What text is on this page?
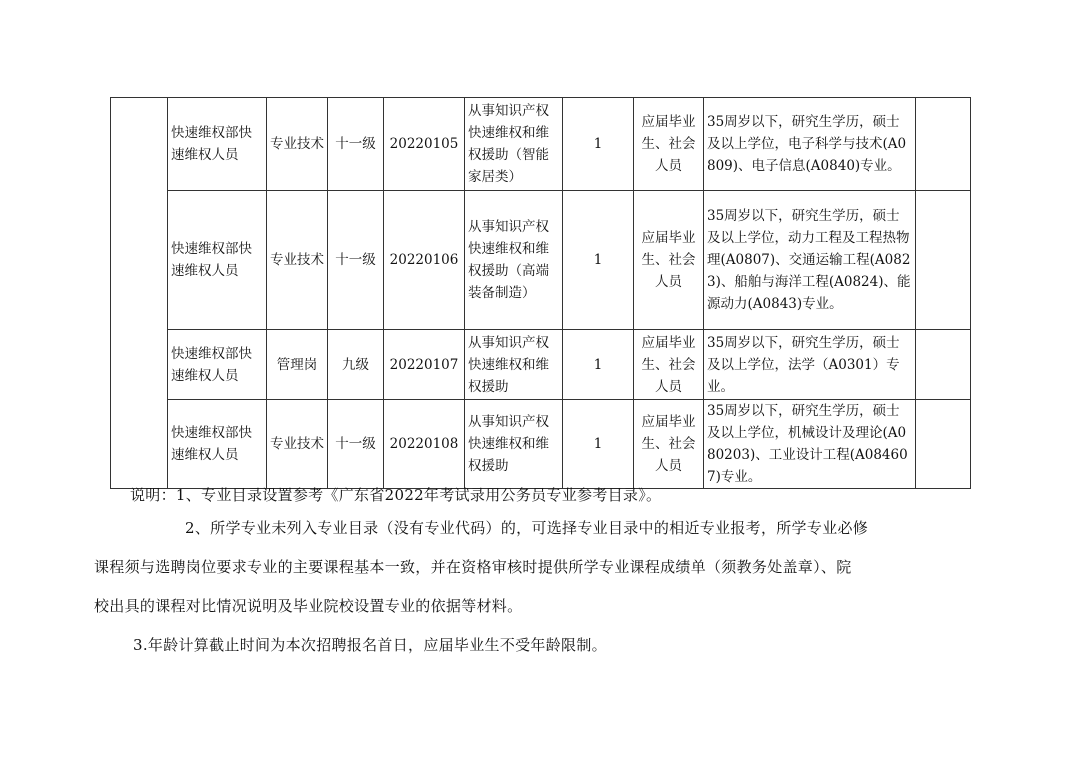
	快速维权部快速维权人员	专业技术	十一级	20220105	从事知识产权快速维权和维权援助（智能家居类）	1	应届毕业生、社会人员	35周岁以下，研究生学历，硕士及以上学位，电子科学与技术(A0809)、电子信息(A0840)专业。	
	快速维权部快速维权人员	专业技术	十一级	20220106	从事知识产权快速维权和维权援助（高端装备制造）	1	应届毕业生、社会人员	35周岁以下，研究生学历，硕士及以上学位，动力工程及工程热物理(A0807)、交通运输工程(A0823)、船舶与海洋工程(A0824)、能源动力(A0843)专业。	
	快速维权部快速维权人员	管理岗	九级	20220107	从事知识产权快速维权和维权援助	1	应届毕业生、社会人员	35周岁以下，研究生学历，硕士及以上学位，法学（A0301）专业。	
	快速维权部快速维权人员	专业技术	十一级	20220108	从事知识产权快速维权和维权援助	1	应届毕业生、社会人员	35周岁以下，研究生学历，硕士及以上学位，机械设计及理论(A080203)、工业设计工程(A084607)专业。	
说明：1、专业目录设置参考《广东省2022年考试录用公务员专业参考目录》。
2、所学专业未列入专业目录（没有专业代码）的，可选择专业目录中的相近专业报考，所学专业必修
课程须与选聘岗位要求专业的主要课程基本一致，并在资格审核时提供所学专业课程成绩单（须教务处盖章）、院
校出具的课程对比情况说明及毕业院校设置专业的依据等材料。
3.年龄计算截止时间为本次招聘报名首日，应届毕业生不受年龄限制。
